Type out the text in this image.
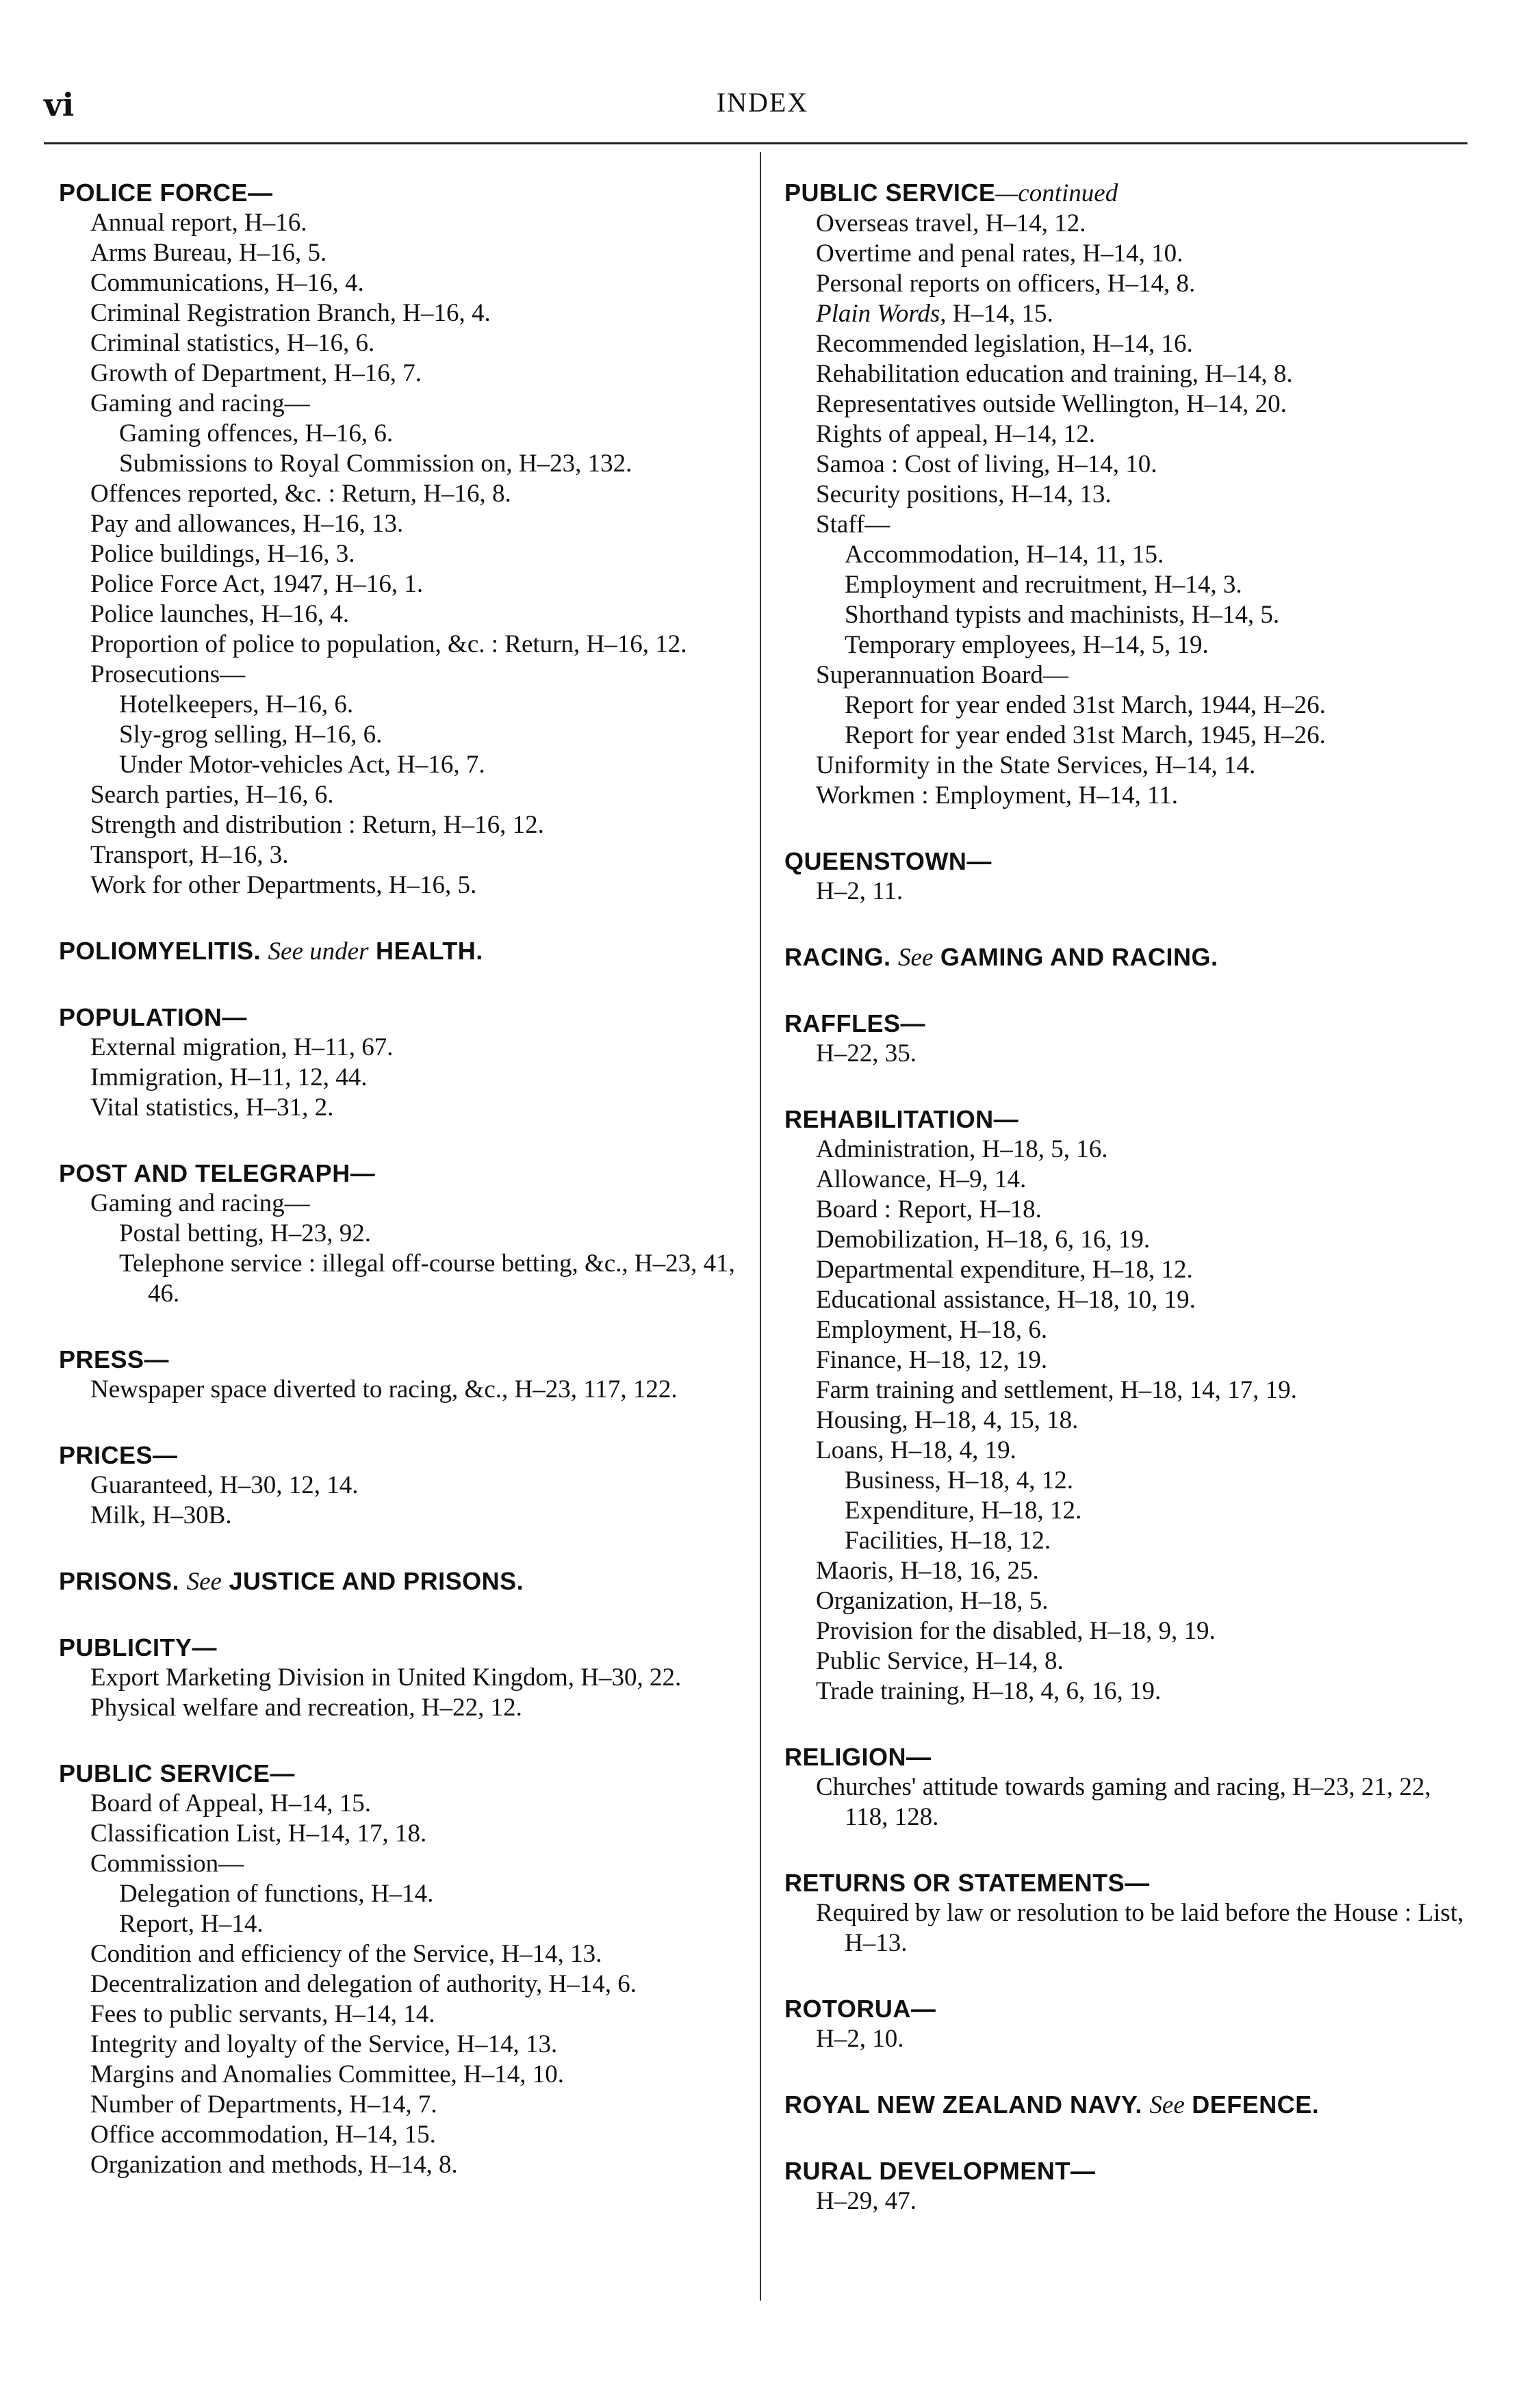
vi	INDEX
POLICE FORCE—
Annual report, H–16.
Arms Bureau, H–16, 5.
Communications, H–16, 4.
Criminal Registration Branch, H–16, 4.
Criminal statistics, H–16, 6.
Growth of Department, H–16, 7.
Gaming and racing—
Gaming offences, H–16, 6.
Submissions to Royal Commission on, H–23, 132.
Offences reported, &c. : Return, H–16, 8.
Pay and allowances, H–16, 13.
Police buildings, H–16, 3.
Police Force Act, 1947, H–16, 1.
Police launches, H–16, 4.
Proportion of police to population, &c. : Return, H–16, 12.
Prosecutions—
Hotelkeepers, H–16, 6.
Sly-grog selling, H–16, 6.
Under Motor-vehicles Act, H–16, 7.
Search parties, H–16, 6.
Strength and distribution : Return, H–16, 12.
Transport, H–16, 3.
Work for other Departments, H–16, 5.
POLIOMYELITIS. See under HEALTH.
POPULATION—
External migration, H–11, 67.
Immigration, H–11, 12, 44.
Vital statistics, H–31, 2.
POST AND TELEGRAPH—
Gaming and racing—
Postal betting, H–23, 92.
Telephone service : illegal off-course betting, &c., H–23, 41, 46.
PRESS—
Newspaper space diverted to racing, &c., H–23, 117, 122.
PRICES—
Guaranteed, H–30, 12, 14.
Milk, H–30B.
PRISONS. See JUSTICE AND PRISONS.
PUBLICITY—
Export Marketing Division in United Kingdom, H–30, 22.
Physical welfare and recreation, H–22, 12.
PUBLIC SERVICE—
Board of Appeal, H–14, 15.
Classification List, H–14, 17, 18.
Commission—
Delegation of functions, H–14.
Report, H–14.
Condition and efficiency of the Service, H–14, 13.
Decentralization and delegation of authority, H–14, 6.
Fees to public servants, H–14, 14.
Integrity and loyalty of the Service, H–14, 13.
Margins and Anomalies Committee, H–14, 10.
Number of Departments, H–14, 7.
Office accommodation, H–14, 15.
Organization and methods, H–14, 8.
PUBLIC SERVICE—continued
Overseas travel, H–14, 12.
Overtime and penal rates, H–14, 10.
Personal reports on officers, H–14, 8.
Plain Words, H–14, 15.
Recommended legislation, H–14, 16.
Rehabilitation education and training, H–14, 8.
Representatives outside Wellington, H–14, 20.
Rights of appeal, H–14, 12.
Samoa : Cost of living, H–14, 10.
Security positions, H–14, 13.
Staff—
Accommodation, H–14, 11, 15.
Employment and recruitment, H–14, 3.
Shorthand typists and machinists, H–14, 5.
Temporary employees, H–14, 5, 19.
Superannuation Board—
Report for year ended 31st March, 1944, H–26.
Report for year ended 31st March, 1945, H–26.
Uniformity in the State Services, H–14, 14.
Workmen : Employment, H–14, 11.
QUEENSTOWN—
H–2, 11.
RACING. See GAMING AND RACING.
RAFFLES—
H–22, 35.
REHABILITATION—
Administration, H–18, 5, 16.
Allowance, H–9, 14.
Board : Report, H–18.
Demobilization, H–18, 6, 16, 19.
Departmental expenditure, H–18, 12.
Educational assistance, H–18, 10, 19.
Employment, H–18, 6.
Finance, H–18, 12, 19.
Farm training and settlement, H–18, 14, 17, 19.
Housing, H–18, 4, 15, 18.
Loans, H–18, 4, 19.
Business, H–18, 4, 12.
Expenditure, H–18, 12.
Facilities, H–18, 12.
Maoris, H–18, 16, 25.
Organization, H–18, 5.
Provision for the disabled, H–18, 9, 19.
Public Service, H–14, 8.
Trade training, H–18, 4, 6, 16, 19.
RELIGION—
Churches' attitude towards gaming and racing, H–23, 21, 22, 118, 128.
RETURNS OR STATEMENTS—
Required by law or resolution to be laid before the House : List, H–13.
ROTORUA—
H–2, 10.
ROYAL NEW ZEALAND NAVY. See DEFENCE.
RURAL DEVELOPMENT—
H–29, 47.
